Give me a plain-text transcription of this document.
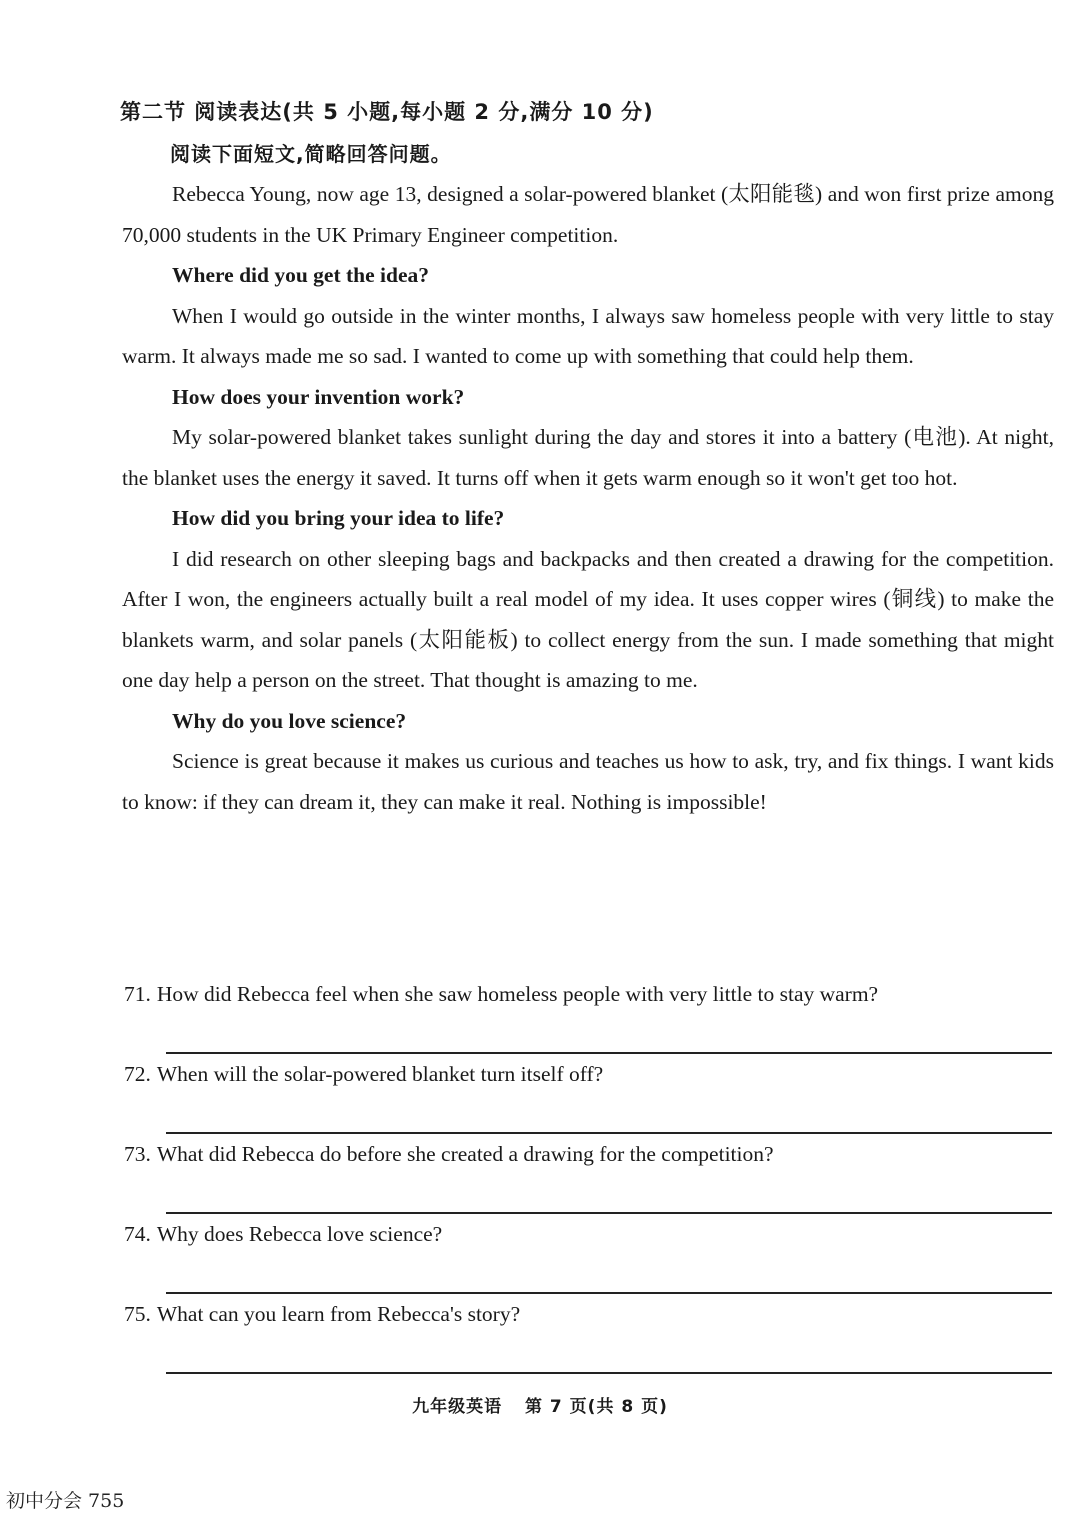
第二节 阅读表达(共 5 小题,每小题 2 分,满分 10 分)
阅读下面短文,简略回答问题。

Rebecca Young, now age 13, designed a solar-powered blanket (太阳能毯) and won first prize among 70,000 students in the UK Primary Engineer competition.

Where did you get the idea?

When I would go outside in the winter months, I always saw homeless people with very little to stay warm. It always made me so sad. I wanted to come up with something that could help them.

How does your invention work?

My solar-powered blanket takes sunlight during the day and stores it into a battery (电池). At night, the blanket uses the energy it saved. It turns off when it gets warm enough so it won't get too hot.

How did you bring your idea to life?

I did research on other sleeping bags and backpacks and then created a drawing for the competition. After I won, the engineers actually built a real model of my idea. It uses copper wires (铜线) to make the blankets warm, and solar panels (太阳能板) to collect energy from the sun. I made something that might one day help a person on the street. That thought is amazing to me.

Why do you love science?

Science is great because it makes us curious and teaches us how to ask, try, and fix things. I want kids to know: if they can dream it, they can make it real. Nothing is impossible!

71. How did Rebecca feel when she saw homeless people with very little to stay warm?
72. When will the solar-powered blanket turn itself off?
73. What did Rebecca do before she created a drawing for the competition?
74. Why does Rebecca love science?
75. What can you learn from Rebecca's story?
九年级英语 第 7 页(共 8 页)
初中分会 755
